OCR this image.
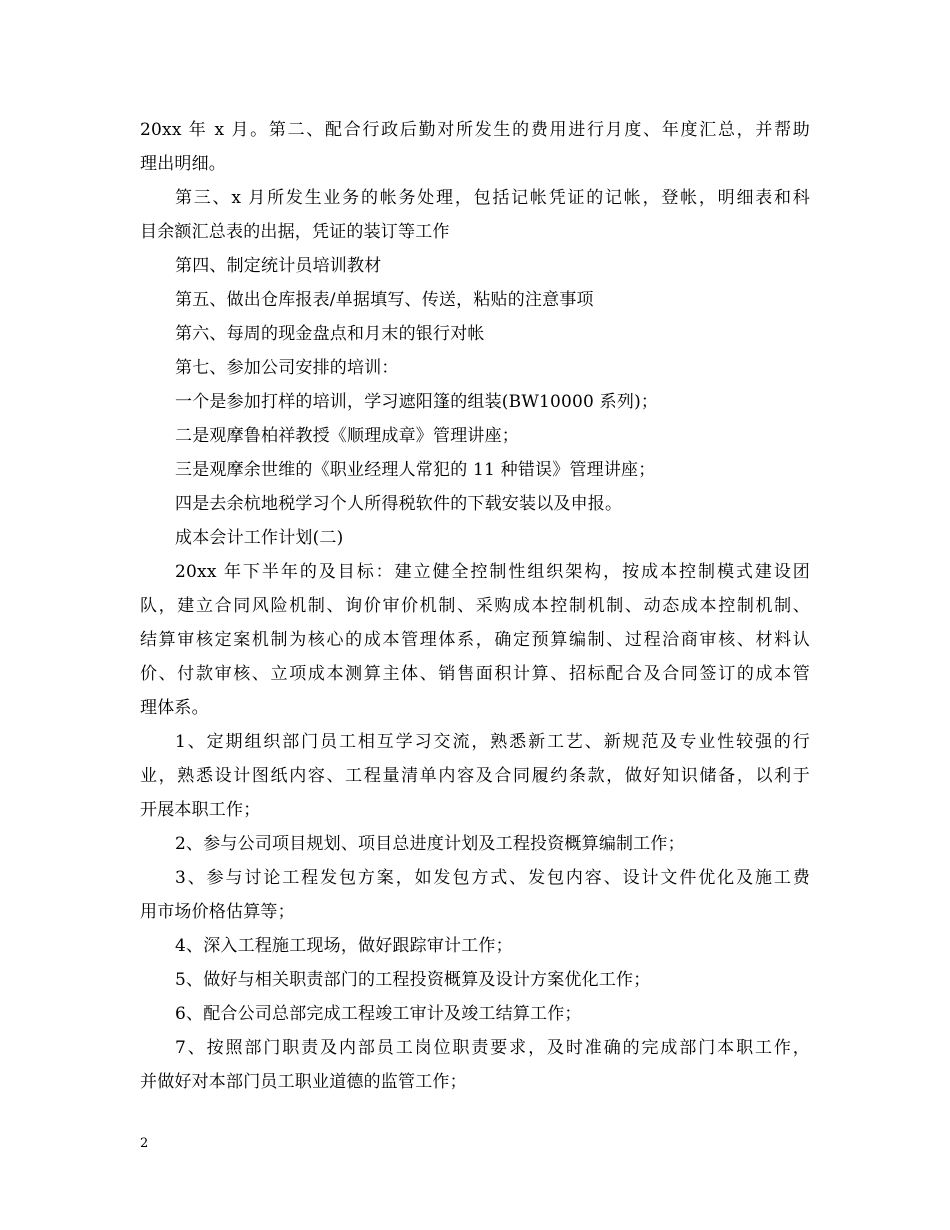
20xx 年 x 月。第二、配合行政后勤对所发生的费用进行月度、年度汇总，并帮助
理出明细。
第三、x 月所发生业务的帐务处理，包括记帐凭证的记帐，登帐，明细表和科
目余额汇总表的出据，凭证的装订等工作
第四、制定统计员培训教材
第五、做出仓库报表/单据填写、传送，粘贴的注意事项
第六、每周的现金盘点和月末的银行对帐
第七、参加公司安排的培训：
一个是参加打样的培训，学习遮阳篷的组装(BW10000 系列)；
二是观摩鲁柏祥教授《顺理成章》管理讲座；
三是观摩余世维的《职业经理人常犯的 11 种错误》管理讲座；
四是去余杭地税学习个人所得税软件的下载安装以及申报。
成本会计工作计划(二)
20xx 年下半年的及目标：建立健全控制性组织架构，按成本控制模式建设团
队，建立合同风险机制、询价审价机制、采购成本控制机制、动态成本控制机制、
结算审核定案机制为核心的成本管理体系，确定预算编制、过程洽商审核、材料认
价、付款审核、立项成本测算主体、销售面积计算、招标配合及合同签订的成本管
理体系。
1、定期组织部门员工相互学习交流，熟悉新工艺、新规范及专业性较强的行
业，熟悉设计图纸内容、工程量清单内容及合同履约条款，做好知识储备，以利于
开展本职工作；
2、参与公司项目规划、项目总进度计划及工程投资概算编制工作；
3、参与讨论工程发包方案，如发包方式、发包内容、设计文件优化及施工费
用市场价格估算等；
4、深入工程施工现场，做好跟踪审计工作；
5、做好与相关职责部门的工程投资概算及设计方案优化工作；
6、配合公司总部完成工程竣工审计及竣工结算工作；
7、按照部门职责及内部员工岗位职责要求，及时准确的完成部门本职工作，
并做好对本部门员工职业道德的监管工作；
2
